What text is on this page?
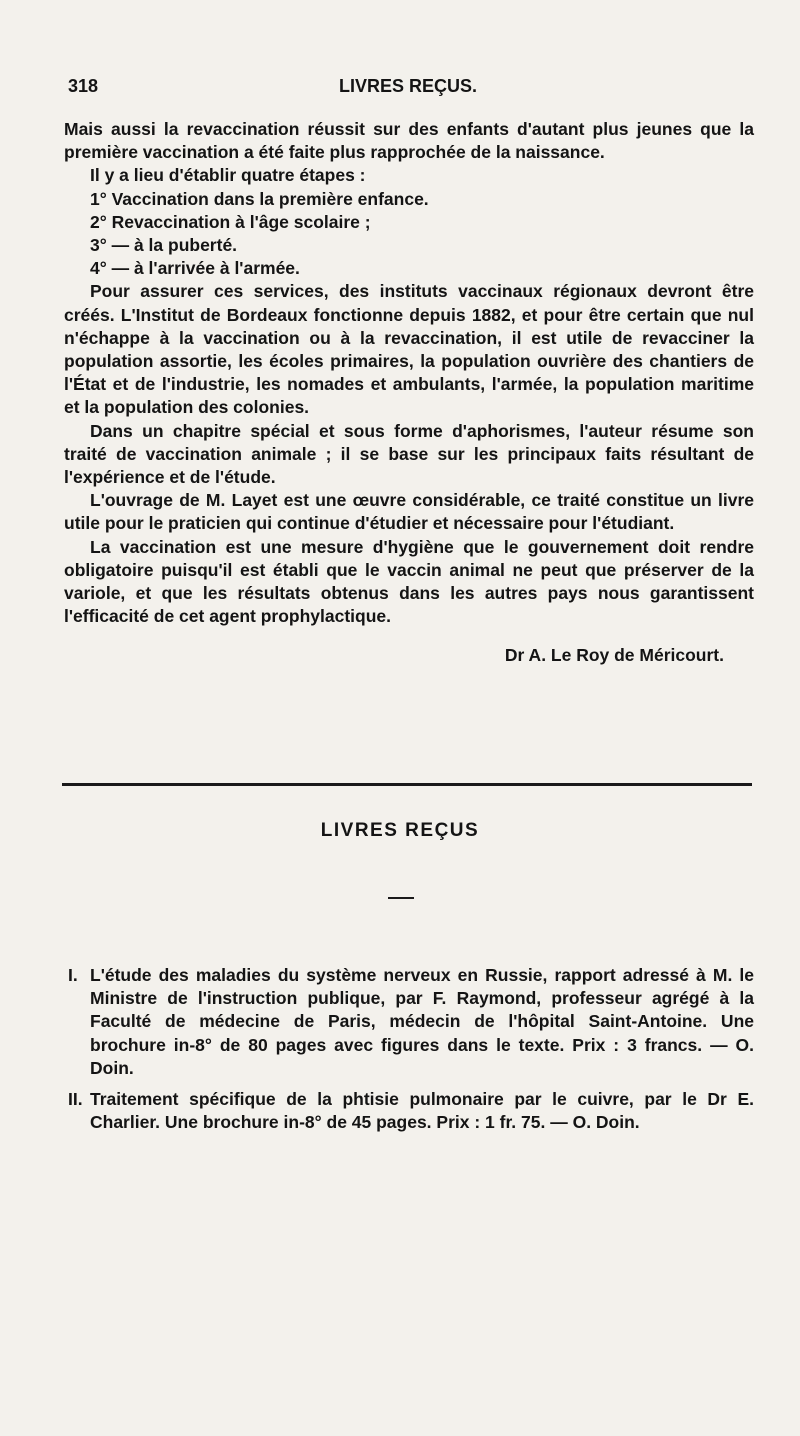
318	LIVRES REÇUS.

Mais aussi la revaccination réussit sur des enfants d'autant plus jeunes que la première vaccination a été faite plus rapprochée de la naissance.

Il y a lieu d'établir quatre étapes :

1° Vaccination dans la première enfance.

2° Revaccination à l'âge scolaire ;

3° — à la puberté.

4° — à l'arrivée à l'armée.

Pour assurer ces services, des instituts vaccinaux régionaux devront être créés. L'Institut de Bordeaux fonctionne depuis 1882, et pour être certain que nul n'échappe à la vaccination ou à la revaccination, il est utile de revacciner la population assortie, les écoles primaires, la population ouvrière des chantiers de l'État et de l'industrie, les nomades et ambulants, l'armée, la population maritime et la population des colonies.

Dans un chapitre spécial et sous forme d'aphorismes, l'auteur résume son traité de vaccination animale ; il se base sur les principaux faits résultant de l'expérience et de l'étude.

L'ouvrage de M. Layet est une œuvre considérable, ce traité constitue un livre utile pour le praticien qui continue d'étudier et nécessaire pour l'étudiant.

La vaccination est une mesure d'hygiène que le gouvernement doit rendre obligatoire puisqu'il est établi que le vaccin animal ne peut que préserver de la variole, et que les résultats obtenus dans les autres pays nous garantissent l'efficacité de cet agent prophylactique.

Dr A. Le Roy de Méricourt.

LIVRES REÇUS
I. L'étude des maladies du système nerveux en Russie, rapport adressé à M. le Ministre de l'instruction publique, par F. Raymond, professeur agrégé à la Faculté de médecine de Paris, médecin de l'hôpital Saint-Antoine. Une brochure in-8° de 80 pages avec figures dans le texte. Prix : 3 francs. — O. Doin.
II. Traitement spécifique de la phtisie pulmonaire par le cuivre, par le Dr E. Charlier. Une brochure in-8° de 45 pages. Prix : 1 fr. 75. — O. Doin.
